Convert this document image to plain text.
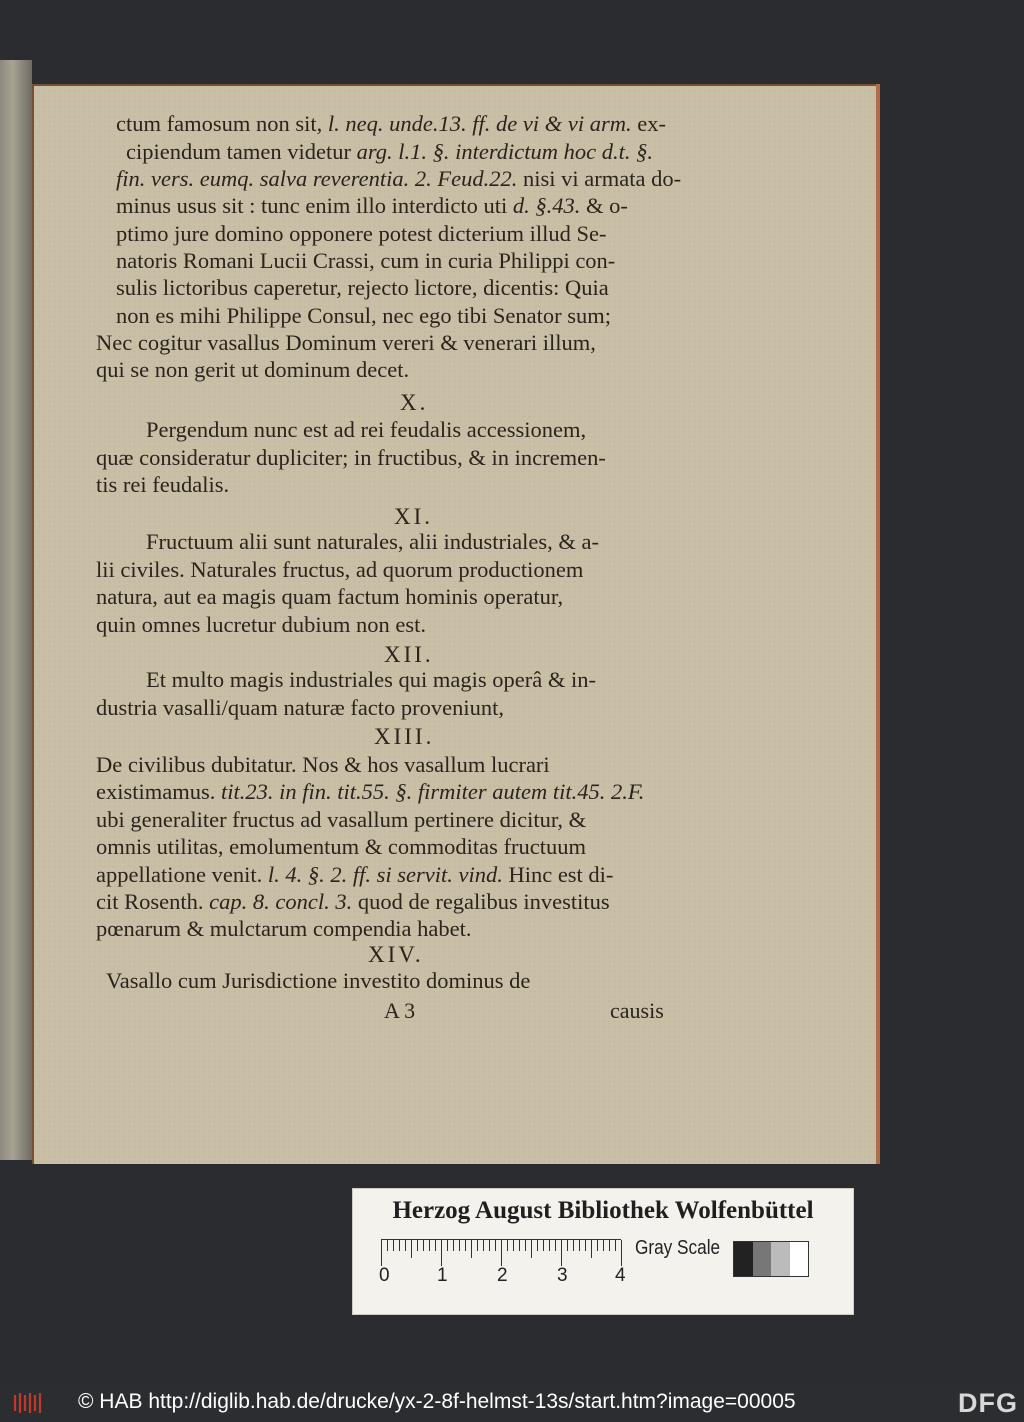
ctum famosum non sit, l. neq. unde.13. ff. de vi & vi arm. ex-
cipiendum tamen videtur arg. l.1. §. interdictum hoc d.t. §.
fin. vers. eumq. salva reverentia. 2. Feud.22. nisi vi armata do-
minus usus sit : tunc enim illo interdicto uti d. §.43. & o-
ptimo jure domino opponere potest dicterium illud Se-
natoris Romani Lucii Crassi, cum in curia Philippi con-
sulis lictoribus caperetur, rejecto lictore, dicentis: Quia
non es mihi Philippe Consul, nec ego tibi Senator sum;
Nec cogitur vasallus Dominum vereri & venerari illum,
qui se non gerit ut dominum decet.
Pergendum nunc est ad rei feudalis accessionem,
quæ consideratur dupliciter; in fructibus, & in incremen-
tis rei feudalis.
Fructuum alii sunt naturales, alii industriales, & a-
lii civiles. Naturales fructus, ad quorum productionem
natura, aut ea magis quam factum hominis operatur,
quin omnes lucretur dubium non est.
Et multo magis industriales qui magis operâ & in-
dustria vasalli/quam naturæ facto proveniunt,
De civilibus dubitatur. Nos & hos vasallum lucrari
existimamus. tit.23. in fin. tit.55. §. firmiter autem tit.45. 2.F.
ubi generaliter fructus ad vasallum pertinere dicitur, &
omnis utilitas, emolumentum & commoditas fructuum
appellatione venit. l. 4. §. 2. ff. si servit. vind. Hinc est di-
cit Rosenth. cap. 8. concl. 3. quod de regalibus investitus
pœnarum & mulctarum compendia habet.
Vasallo cum Jurisdictione investito dominus de
X.
XI.
XII.
XIII.
XIV.
A 3	causis
Herzog August Bibliothek Wolfenbüttel
0 1	2	3 4
Gray Scale
© HAB http://diglib.hab.de/drucke/yx-2-8f-helmst-13s/start.htm?image=00005	DFG
